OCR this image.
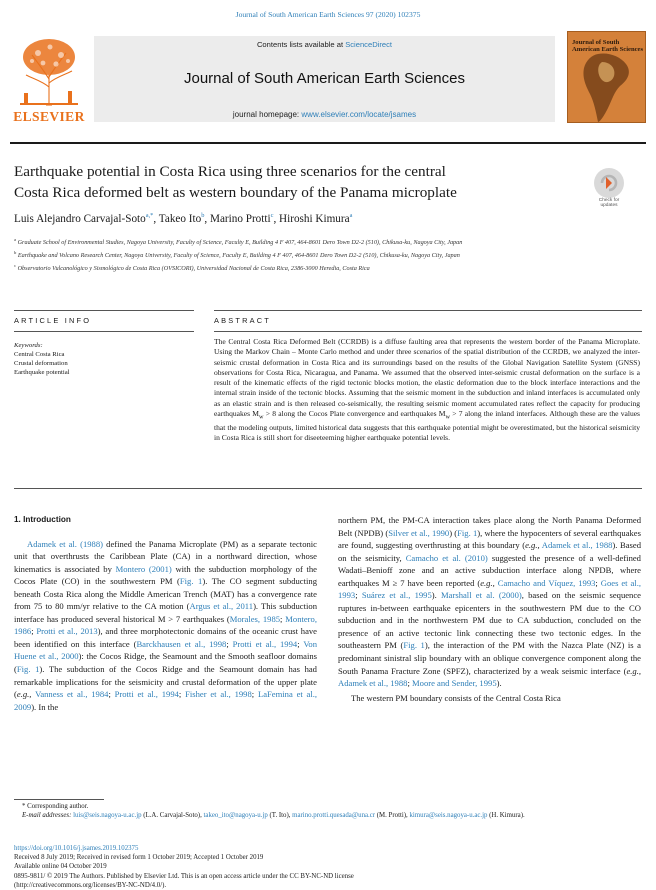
Journal of South American Earth Sciences 97 (2020) 102375
ELSEVIER
Contents lists available at ScienceDirect
Journal of South American Earth Sciences
journal homepage: www.elsevier.com/locate/jsames
Journal of South American Earth Sciences
Earthquake potential in Costa Rica using three scenarios for the central
Costa Rica deformed belt as western boundary of the Panama microplate	Check for updates
Luis Alejandro Carvajal-Soto$^{a,*}$, Takeo Ito$^b$, Marino Protti$^c$, Hiroshi Kimura$^a$

$^a$ Graduate School of Environmental Studies, Nagoya University, Faculty of Science, Faculty E, Building 4 F 407, 464-8601 Dero Town D2-2 (510), Chikusa-ku, Nagoya City, Japan

$^b$ Earthquake and Volcano Research Center, Nagoya University, Faculty of Science, Faculty E, Building 4 F 407, 464-8601 Dero Town D2-2 (510), Chikusa-ku, Nagoya City, Japan

$^c$ Observatorio Vulcanológico y Sismológico de Costa Rica (OVSICORI), Universidad Nacional de Costa Rica, 2386-3000 Heredia, Costa Rica

ARTICLE INFO	ABSTRACT
Keywords:
Central Costa Rica
Crustal deformation
Earthquake potential
The Central Costa Rica Deformed Belt (CCRDB) is a diffuse faulting area that represents the western border of the Panama Microplate. Using the Markov Chain – Monte Carlo method and under three scenarios of the spatial distribution of the CCRDB, we analyzed the inter-seismic crustal deformation in Costa Rica and its surroundings based on the results of the Global Navigation Satellite System (GNSS) observations for Costa Rica, Nicaragua, and Panama. We assumed that the observed inter-seismic crustal deformation on the surface is a result of the kinematic effects of the rigid tectonic blocks motion, the elastic deformation due to the block interface interactions and the internal strain inside of the tectonic blocks. Assuming that the seismic moment in the subduction and inland interfaces is accumulated only as an elastic strain and is then released co-seismically, the resulting seismic moment accumulated rates reflect the capacity for producing earthquakes $M_w > 8$ along the Cocos Plate convergence and earthquakes $M_w > 7$ along the inland interfaces. Although these are the values that the modeling outputs, limited historical data suggests that this earthquake potential might be overestimated, but the historical seismicity in Costa Rica is still short for diseeteeming higher earthquake potential levels.
1. Introduction

Adamek et al. (1988) defined the Panama Microplate (PM) as a separate tectonic unit that overthrusts the Caribbean Plate (CA) in a northward direction, whose kinematics is associated by Montero (2001) with the subduction morphology of the Cocos Plate (CO) in the southwestern PM (Fig. 1). The CO segment subducting beneath Costa Rica along the Middle American Trench (MAT) has a convergence rate from 75 to 80 mm/yr relative to the CA motion (Argus et al., 2011). This subduction interface has produced several historical M > 7 earthquakes (Morales, 1985; Montero, 1986; Protti et al., 2013), and three morphotectonic domains of the oceanic crust have been identified on this interface (Barckhausen et al., 1998; Protti et al., 1994; Von Huene et al., 2000): the Cocos Ridge, the Seamount and the Smooth seafloor domains (Fig. 1). The subduction of the Cocos Ridge and the Seamount domain has had remarkable implications for the seismicity and crustal deformation of the upper plate (e.g., Vanness et al., 1984; Protti et al., 1994; Fisher et al., 1998; LaFemina et al., 2009). In the

northern PM, the PM-CA interaction takes place along the North Panama Deformed Belt (NPDB) (Silver et al., 1990) (Fig. 1), where the hypocenters of several earthquakes are found, suggesting overthrusting at this boundary (e.g., Adamek et al., 1988). Based on the seismicity, Camacho et al. (2010) suggested the presence of a well-defined Wadati–Benioff zone and an active subduction interface along NPDB, where earthquakes M ≥ 7 have been reported (e.g., Camacho and Víquez, 1993; Goes et al., 1993; Suárez et al., 1995). Marshall et al. (2000), based on the seismic sequence ruptures in-between earthquake epicenters in the southwestern PM due to the CO subduction and in the northwestern PM due to CA subduction, concluded on the presence of an active tectonic link connecting these two tectonic edges. In the southeastern PM (Fig. 1), the interaction of the PM with the Nazca Plate (NZ) is a predominant sinistral slip boundary with an oblique convergence component along the South Panama Fracture Zone (SPFZ), characterized by a weak seismic interface (e.g., Adamek et al., 1988; Moore and Sender, 1995).

The western PM boundary consists of the Central Costa Rica

* Corresponding author.
E-mail addresses: luis@seis.nagoya-u.ac.jp (L.A. Carvajal-Soto), takeo_ito@nagoya-u.jp (T. Ito), marino.protti.quesada@una.cr (M. Protti), kimura@seis.nagoya-u.ac.jp (H. Kimura).
https://doi.org/10.1016/j.jsames.2019.102375
Received 8 July 2019; Received in revised form 1 October 2019; Accepted 1 October 2019
Available online 04 October 2019
0895-9811/ © 2019 The Authors. Published by Elsevier Ltd. This is an open access article under the CC BY-NC-ND license
(http://creativecommons.org/licenses/BY-NC-ND/4.0/).
